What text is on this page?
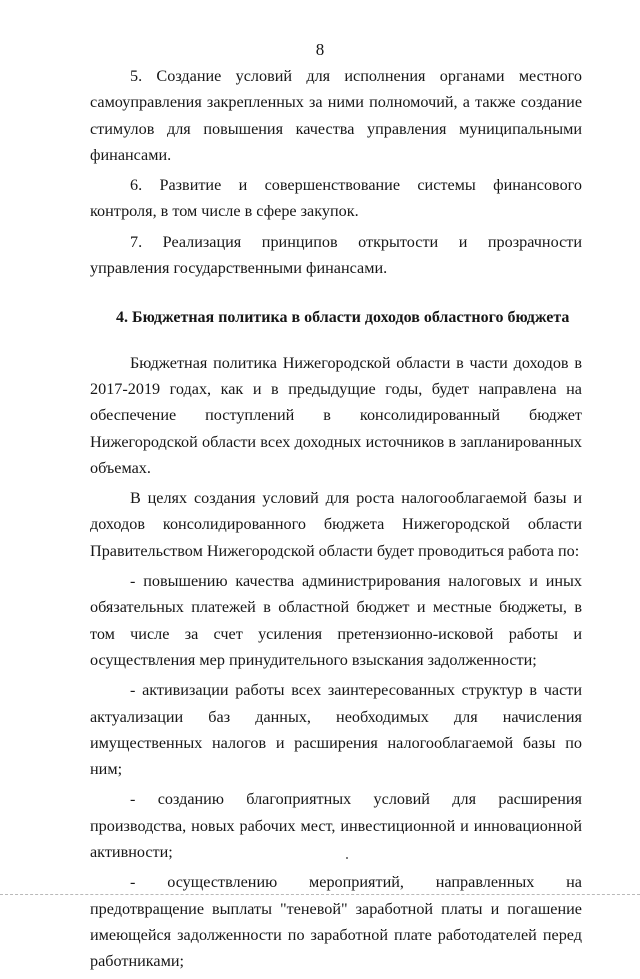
8

5. Создание условий для исполнения органами местного самоуправления закрепленных за ними полномочий, а также создание стимулов для повышения качества управления муниципальными финансами.

6. Развитие и совершенствование системы финансового контроля, в том числе в сфере закупок.

7. Реализация принципов открытости и прозрачности управления государственными финансами.

4. Бюджетная политика в области доходов областного бюджета

Бюджетная политика Нижегородской области в части доходов в 2017-2019 годах, как и в предыдущие годы, будет направлена на обеспечение поступлений в консолидированный бюджет Нижегородской области всех доходных источников в запланированных объемах.

В целях создания условий для роста налогооблагаемой базы и доходов консолидированного бюджета Нижегородской области Правительством Нижегородской области будет проводиться работа по:

- повышению качества администрирования налоговых и иных обязательных платежей в областной бюджет и местные бюджеты, в том числе за счет усиления претензионно-исковой работы и осуществления мер принудительного взыскания задолженности;

- активизации работы всех заинтересованных структур в части актуализации баз данных, необходимых для начисления имущественных налогов и расширения налогооблагаемой базы по ним;

- созданию благоприятных условий для расширения производства, новых рабочих мест, инвестиционной и инновационной активности;

- осуществлению мероприятий, направленных на предотвращение выплаты "теневой" заработной платы и погашение имеющейся задолженности по заработной плате работодателей перед работниками;
